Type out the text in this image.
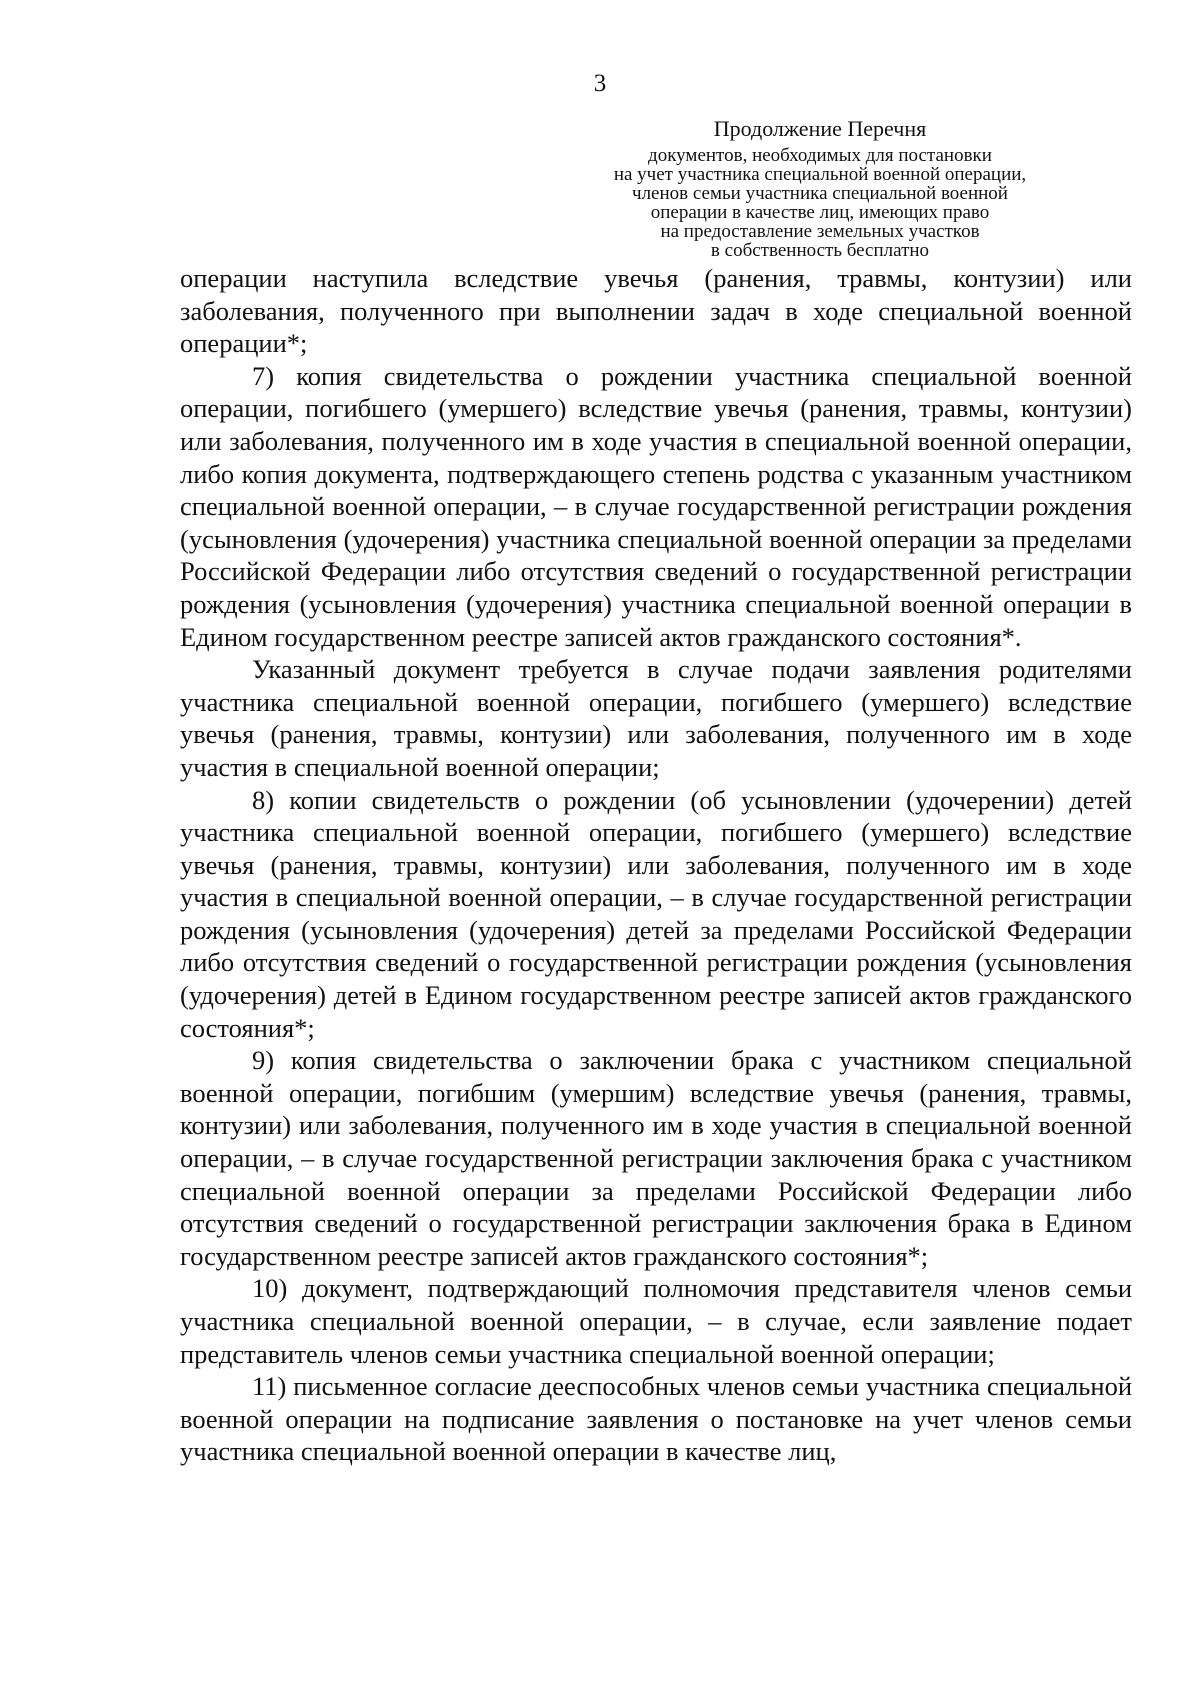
3
Продолжение Перечня
документов, необходимых для постановки
на учет участника специальной военной операции,
членов семьи участника специальной военной
операции в качестве лиц, имеющих право
на предоставление земельных участков
в собственность бесплатно

операции наступила вследствие увечья (ранения, травмы, контузии) или заболевания, полученного при выполнении задач в ходе специальной военной операции*;

7) копия свидетельства о рождении участника специальной военной операции, погибшего (умершего) вследствие увечья (ранения, травмы, контузии) или заболевания, полученного им в ходе участия в специальной военной операции, либо копия документа, подтверждающего степень родства с указанным участником специальной военной операции, – в случае государственной регистрации рождения (усыновления (удочерения) участника специальной военной операции за пределами Российской Федерации либо отсутствия сведений о государственной регистрации рождения (усыновления (удочерения) участника специальной военной операции в Едином государственном реестре записей актов гражданского состояния*.

Указанный документ требуется в случае подачи заявления родителями участника специальной военной операции, погибшего (умершего) вследствие увечья (ранения, травмы, контузии) или заболевания, полученного им в ходе участия в специальной военной операции;

8) копии свидетельств о рождении (об усыновлении (удочерении) детей участника специальной военной операции, погибшего (умершего) вследствие увечья (ранения, травмы, контузии) или заболевания, полученного им в ходе участия в специальной военной операции, – в случае государственной регистрации рождения (усыновления (удочерения) детей за пределами Российской Федерации либо отсутствия сведений о государственной регистрации рождения (усыновления (удочерения) детей в Едином государственном реестре записей актов гражданского состояния*;

9) копия свидетельства о заключении брака с участником специальной военной операции, погибшим (умершим) вследствие увечья (ранения, травмы, контузии) или заболевания, полученного им в ходе участия в специальной военной операции, – в случае государственной регистрации заключения брака с участником специальной военной операции за пределами Российской Федерации либо отсутствия сведений о государственной регистрации заключения брака в Едином государственном реестре записей актов гражданского состояния*;

10) документ, подтверждающий полномочия представителя членов семьи участника специальной военной операции, – в случае, если заявление подает представитель членов семьи участника специальной военной операции;

11) письменное согласие дееспособных членов семьи участника специальной военной операции на подписание заявления о постановке на учет членов семьи участника специальной военной операции в качестве лиц,
